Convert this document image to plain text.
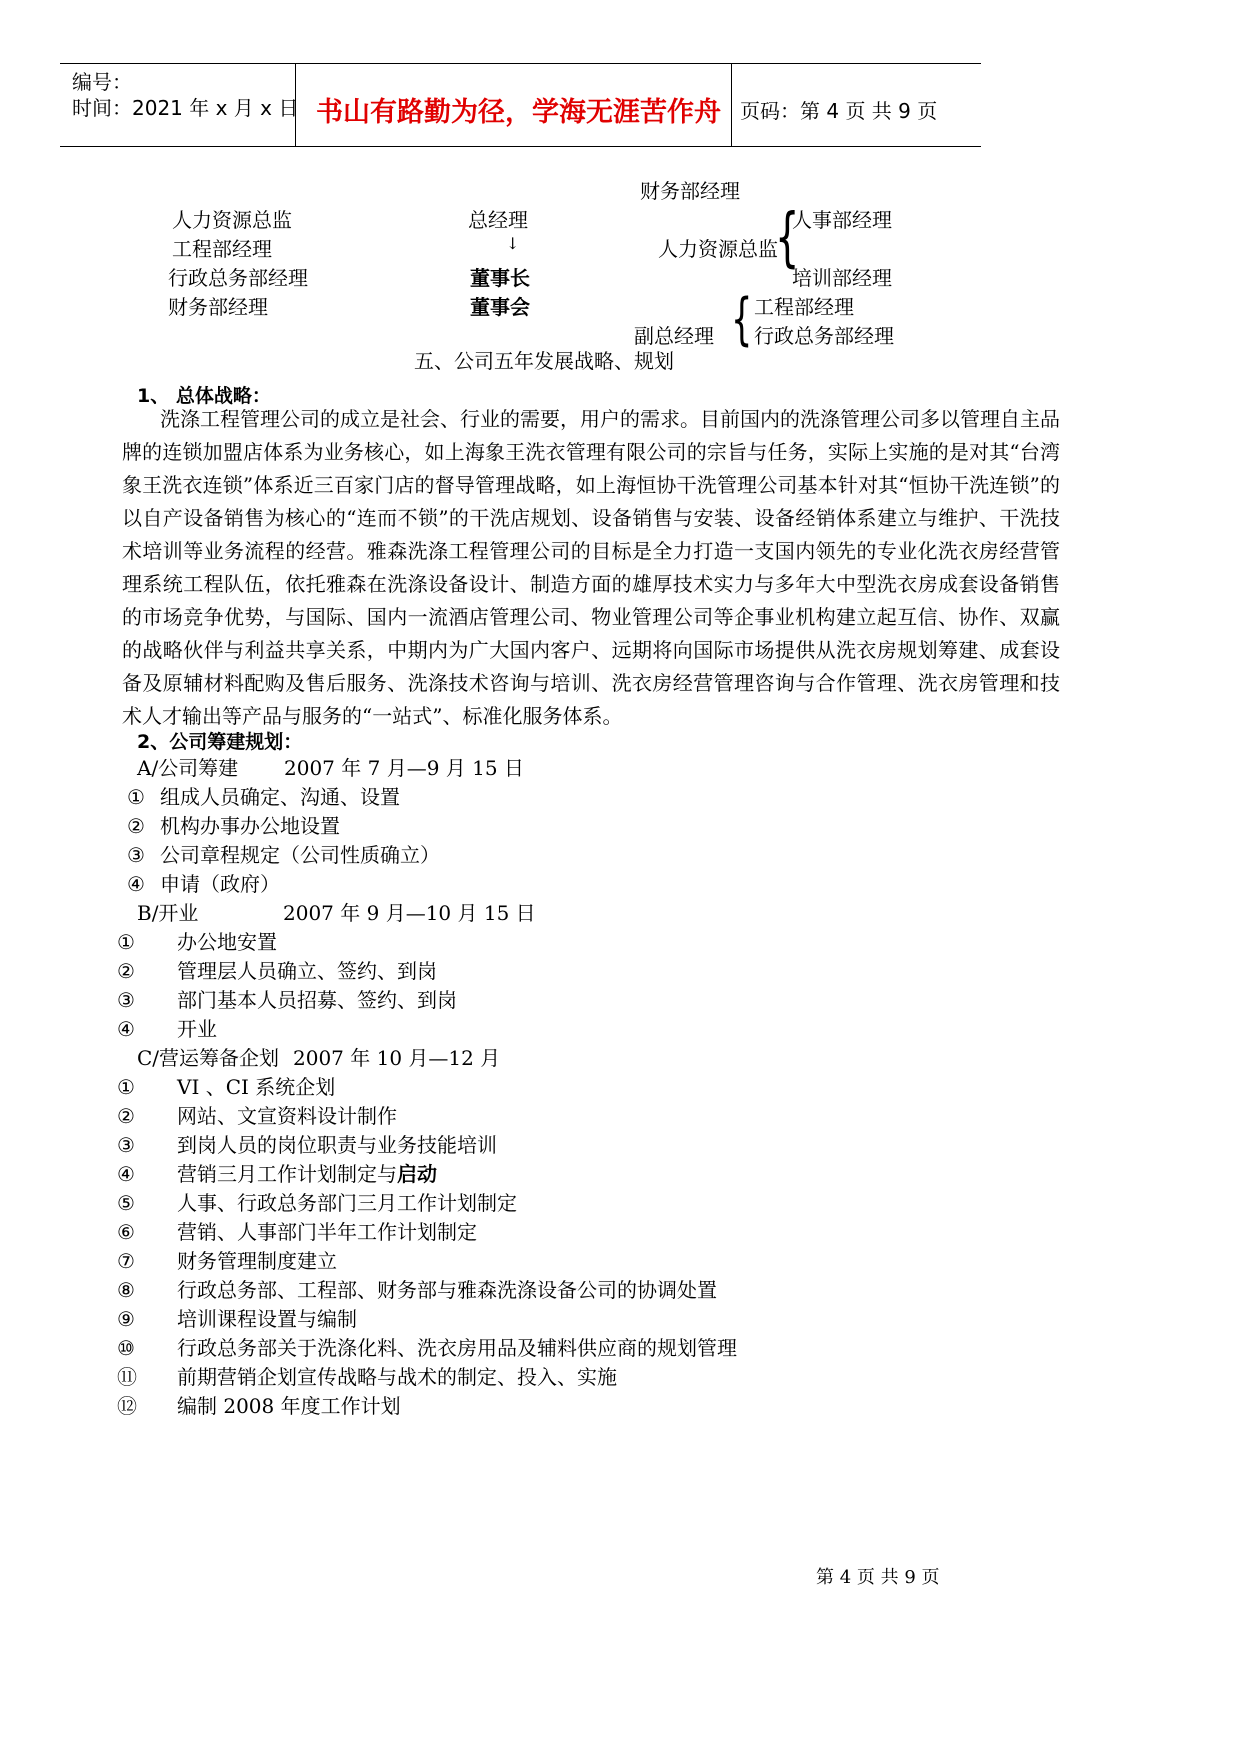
编号：
时间：2021 年 x 月 x 日 书山有路勤为径，学海无涯苦作舟 页码：第 4 页 共 9 页
财务部经理
人力资源总监
工程部经理
行政总务部经理
财务部经理
总经理
↓
董事长
董事会
人力资源总监
{
人事部经理
培训部经理
副总经理 { 工程部经理
行政总务部经理
五、公司五年发展战略、规划
1、 总体战略：

洗涤工程管理公司的成立是社会、行业的需要，用户的需求。目前国内的洗涤管理公司多以管理自主品牌的连锁加盟店体系为业务核心，如上海象王洗衣管理有限公司的宗旨与任务，实际上实施的是对其“台湾象王洗衣连锁”体系近三百家门店的督导管理战略，如上海恒协干洗管理公司基本针对其“恒协干洗连锁”的以自产设备销售为核心的“连而不锁”的干洗店规划、设备销售与安装、设备经销体系建立与维护、干洗技术培训等业务流程的经营。雅森洗涤工程管理公司的目标是全力打造一支国内领先的专业化洗衣房经营管理系统工程队伍，依托雅森在洗涤设备设计、制造方面的雄厚技术实力与多年大中型洗衣房成套设备销售的市场竞争优势，与国际、国内一流酒店管理公司、物业管理公司等企事业机构建立起互信、协作、双赢的战略伙伴与利益共享关系，中期内为广大国内客户、远期将向国际市场提供从洗衣房规划筹建、成套设备及原辅材料配购及售后服务、洗涤技术咨询与培训、洗衣房经营管理咨询与合作管理、洗衣房管理和技术人才输出等产品与服务的“一站式”、标准化服务体系。

2、公司筹建规划：
A/公司筹建 2007 年 7 月—9 月 15 日
① 组成人员确定、沟通、设置
② 机构办事办公地设置
③ 公司章程规定（公司性质确立）
④ 申请（政府）
B/开业	2007 年 9 月—10 月 15 日
① 办公地安置
② 管理层人员确立、签约、到岗
③ 部门基本人员招募、签约、到岗
④ 开业
C/营运筹备企划 2007 年 10 月—12 月
① VI 、CI 系统企划
② 网站、文宣资料设计制作
③ 到岗人员的岗位职责与业务技能培训
④ 营销三月工作计划制定与启动
⑤ 人事、行政总务部门三月工作计划制定
⑥ 营销、人事部门半年工作计划制定
⑦ 财务管理制度建立
⑧ 行政总务部、工程部、财务部与雅森洗涤设备公司的协调处置
⑨ 培训课程设置与编制
⑩ 行政总务部关于洗涤化料、洗衣房用品及辅料供应商的规划管理
⑪ 前期营销企划宣传战略与战术的制定、投入、实施
⑫ 编制 2008 年度工作计划
第 4 页 共 9 页
